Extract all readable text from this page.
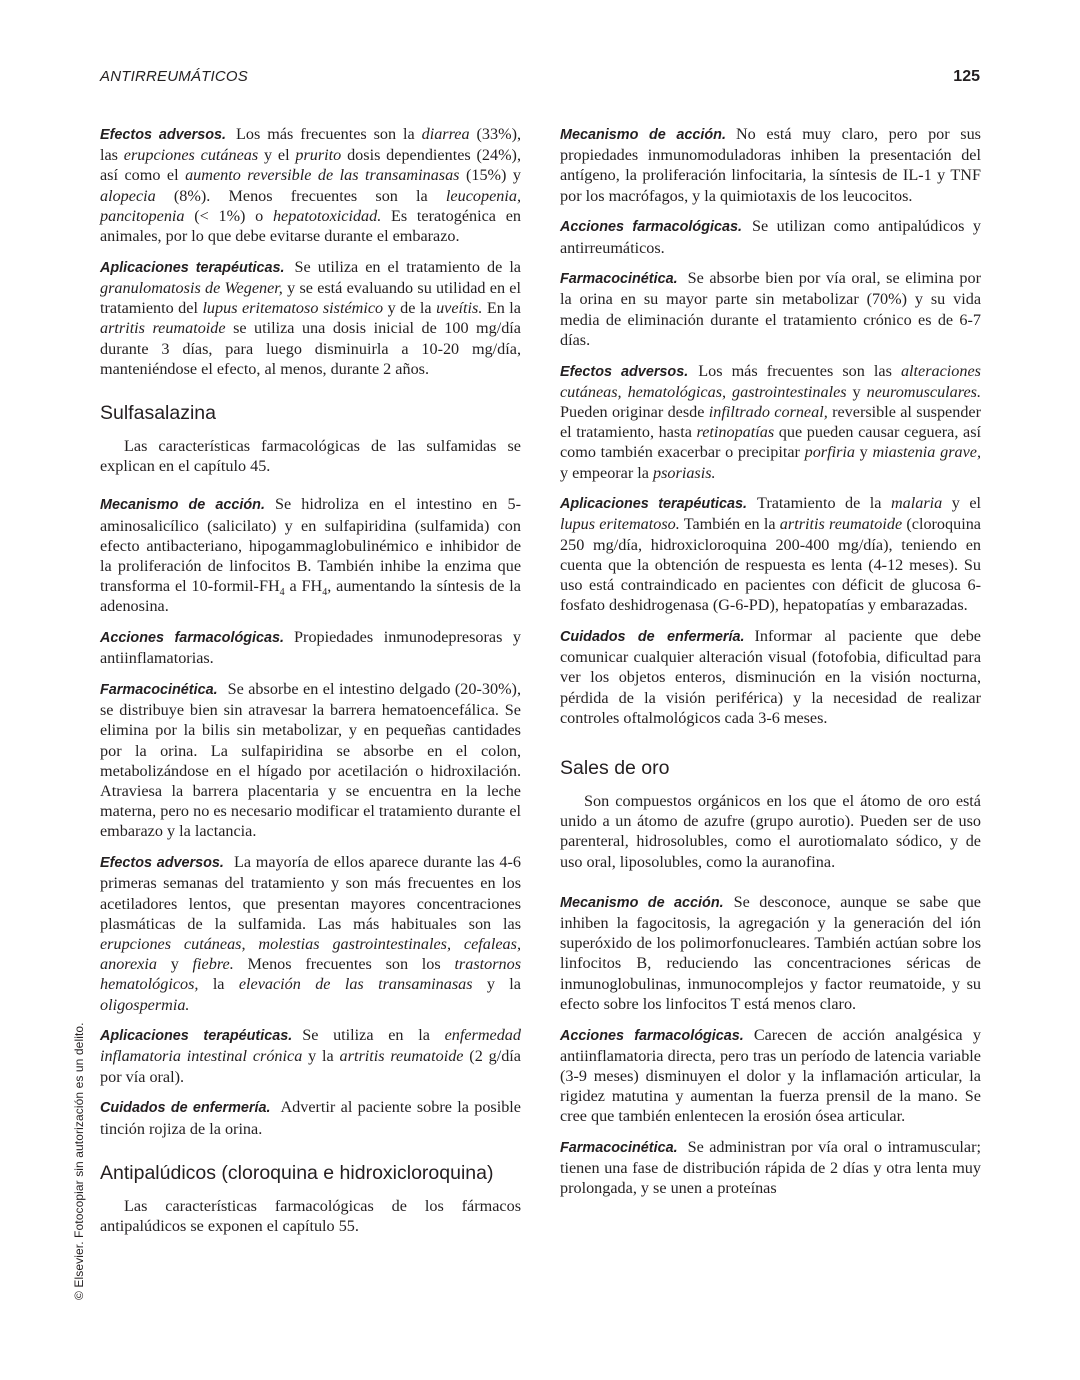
ANTIRREUMÁTICOS	125
© Elsevier. Fotocopiar sin autorización es un delito.

Efectos adversos. Los más frecuentes son la diarrea (33%), las erupciones cutáneas y el prurito dosis dependientes (24%), así como el aumento reversible de las transaminasas (15%) y alopecia (8%). Menos frecuentes son la leucopenia, pancitopenia (< 1%) o hepatotoxicidad. Es teratogénica en animales, por lo que debe evitarse durante el embarazo.

Aplicaciones terapéuticas. Se utiliza en el tratamiento de la granulomatosis de Wegener, y se está evaluando su utilidad en el tratamiento del lupus eritematoso sistémico y de la uveítis. En la artritis reumatoide se utiliza una dosis inicial de 100 mg/día durante 3 días, para luego disminuirla a 10-20 mg/día, manteniéndose el efecto, al menos, durante 2 años.

Sulfasalazina

Las características farmacológicas de las sulfamidas se explican en el capítulo 45.

Mecanismo de acción. Se hidroliza en el intestino en 5-aminosalicílico (salicilato) y en sulfapiridina (sulfamida) con efecto antibacteriano, hipogammaglobulinémico e inhibidor de la proliferación de linfocitos B. También inhibe la enzima que transforma el $10-formil-FH_4$ a $FH_4$, aumentando la síntesis de la adenosina.

Acciones farmacológicas. Propiedades inmunodepresoras y antiinflamatorias.

Farmacocinética. Se absorbe en el intestino delgado (20-30%), se distribuye bien sin atravesar la barrera hematoencefálica. Se elimina por la bilis sin metabolizar, y en pequeñas cantidades por la orina. La sulfapiridina se absorbe en el colon, metabolizándose en el hígado por acetilación o hidroxilación. Atraviesa la barrera placentaria y se encuentra en la leche materna, pero no es necesario modificar el tratamiento durante el embarazo y la lactancia.

Efectos adversos. La mayoría de ellos aparece durante las 4-6 primeras semanas del tratamiento y son más frecuentes en los acetiladores lentos, que presentan mayores concentraciones plasmáticas de la sulfamida. Las más habituales son las erupciones cutáneas, molestias gastrointestinales, cefaleas, anorexia y fiebre. Menos frecuentes son los trastornos hematológicos, la elevación de las transaminasas y la oligospermia.

Aplicaciones terapéuticas. Se utiliza en la enfermedad inflamatoria intestinal crónica y la artritis reumatoide (2 g/día por vía oral).

Cuidados de enfermería. Advertir al paciente sobre la posible tinción rojiza de la orina.

Antipalúdicos (cloroquina e hidroxicloroquina)

Las características farmacológicas de los fármacos antipalúdicos se exponen el capítulo 55.

Mecanismo de acción. No está muy claro, pero por sus propiedades inmunomoduladoras inhiben la presentación del antígeno, la proliferación linfocitaria, la síntesis de IL-1 y TNF por los macrófagos, y la quimiotaxis de los leucocitos.

Acciones farmacológicas. Se utilizan como antipalúdicos y antirreumáticos.

Farmacocinética. Se absorbe bien por vía oral, se elimina por la orina en su mayor parte sin metabolizar (70%) y su vida media de eliminación durante el tratamiento crónico es de 6-7 días.

Efectos adversos. Los más frecuentes son las alteraciones cutáneas, hematológicas, gastrointestinales y neuromusculares. Pueden originar desde infiltrado corneal, reversible al suspender el tratamiento, hasta retinopatías que pueden causar ceguera, así como también exacerbar o precipitar porfiria y miastenia grave, y empeorar la psoriasis.

Aplicaciones terapéuticas. Tratamiento de la malaria y el lupus eritematoso. También en la artritis reumatoide (cloroquina 250 mg/día, hidroxicloroquina 200-400 mg/día), teniendo en cuenta que la obtención de respuesta es lenta (4-12 meses). Su uso está contraindicado en pacientes con déficit de glucosa 6-fosfato deshidrogenasa (G-6-PD), hepatopatías y embarazadas.

Cuidados de enfermería. Informar al paciente que debe comunicar cualquier alteración visual (fotofobia, dificultad para ver los objetos enteros, disminución en la visión nocturna, pérdida de la visión periférica) y la necesidad de realizar controles oftalmológicos cada 3-6 meses.

Sales de oro

Son compuestos orgánicos en los que el átomo de oro está unido a un átomo de azufre (grupo aurotio). Pueden ser de uso parenteral, hidrosolubles, como el aurotiomalato sódico, y de uso oral, liposolubles, como la auranofina.

Mecanismo de acción. Se desconoce, aunque se sabe que inhiben la fagocitosis, la agregación y la generación del ión superóxido de los polimorfonucleares. También actúan sobre los linfocitos B, reduciendo las concentraciones séricas de inmunoglobulinas, inmunocomplejos y factor reumatoide, y su efecto sobre los linfocitos T está menos claro.

Acciones farmacológicas. Carecen de acción analgésica y antiinflamatoria directa, pero tras un período de latencia variable (3-9 meses) disminuyen el dolor y la inflamación articular, la rigidez matutina y aumentan la fuerza prensil de la mano. Se cree que también enlentecen la erosión ósea articular.

Farmacocinética. Se administran por vía oral o intramuscular; tienen una fase de distribución rápida de 2 días y otra lenta muy prolongada, y se unen a proteínas
